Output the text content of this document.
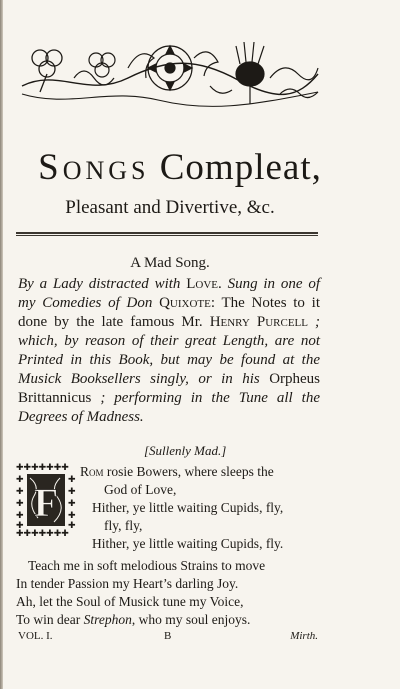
Songs Compleat,
Pleasant and Divertive, &c.
A Mad Song.
By a Lady distracted with Love. Sung in one of my Comedies of Don Quixote: The Notes to it done by the late famous Mr. Henry Purcell ; which, by reason of their great Length, are not Printed in this Book, but may be found at the Musick Booksellers singly, or in his Orpheus Brittannicus ; performing in the Tune all the Degrees of Madness.
[Sullenly Mad.]
✚✚✚✚✚✚✚
✚✚✚✚✚✚✚
✚
✚
✚
✚
✚
✚
✚
✚
✚
✚
F
Rom rosie Bowers, where sleeps the
God of Love,
Hither, ye little waiting Cupids, fly,
fly, fly,
Hither, ye little waiting Cupids, fly.
Teach me in soft melodious Strains to move
In tender Passion my Heart’s darling Joy.
Ah, let the Soul of Musick tune my Voice,
To win dear Strephon, who my soul enjoys.
VOL. I.	B	Mirth.
